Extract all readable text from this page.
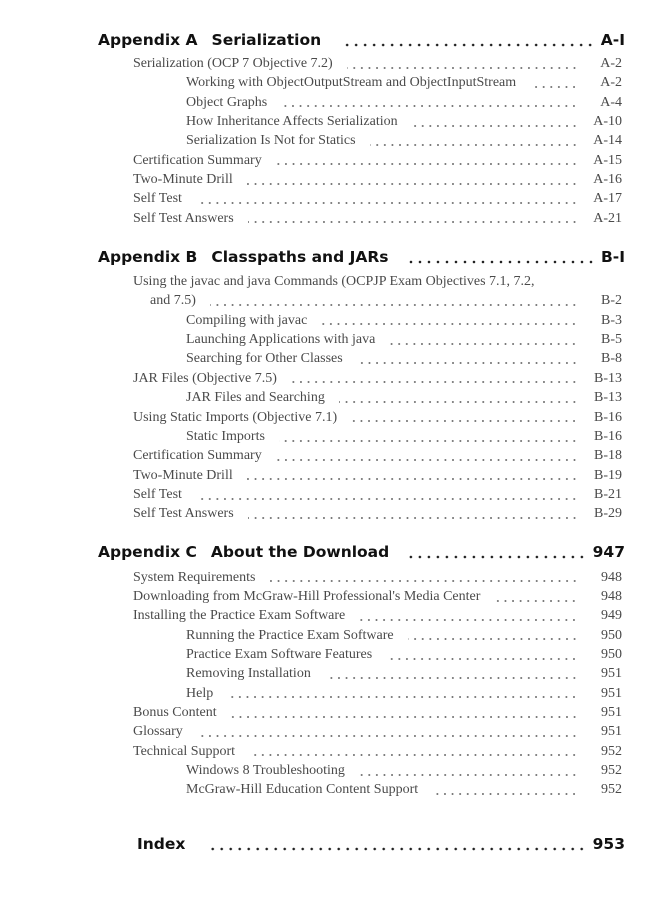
Appendix A Serialization	A-I
Serialization (OCP 7 Objective 7.2)	A-2
Working with ObjectOutputStream and ObjectInputStream	A-2
Object Graphs	A-4
How Inheritance Affects Serialization	A-10
Serialization Is Not for Statics	A-14
Certification Summary	A-15
Two-Minute Drill	A-16
Self Test	A-17
Self Test Answers	A-21
Appendix B Classpaths and JARs	B-I
Using the javac and java Commands (OCPJP Exam Objectives 7.1, 7.2,
and 7.5)	B-2
Compiling with javac	B-3
Launching Applications with java	B-5
Searching for Other Classes	B-8
JAR Files (Objective 7.5)	B-13
JAR Files and Searching	B-13
Using Static Imports (Objective 7.1)	B-16
Static Imports	B-16
Certification Summary	B-18
Two-Minute Drill	B-19
Self Test	B-21
Self Test Answers	B-29
Appendix C About the Download	947
System Requirements	948
Downloading from McGraw-Hill Professional's Media Center	948
Installing the Practice Exam Software	949
Running the Practice Exam Software	950
Practice Exam Software Features	950
Removing Installation	951
Help	951
Bonus Content	951
Glossary	951
Technical Support	952
Windows 8 Troubleshooting	952
McGraw-Hill Education Content Support	952
Index	953
